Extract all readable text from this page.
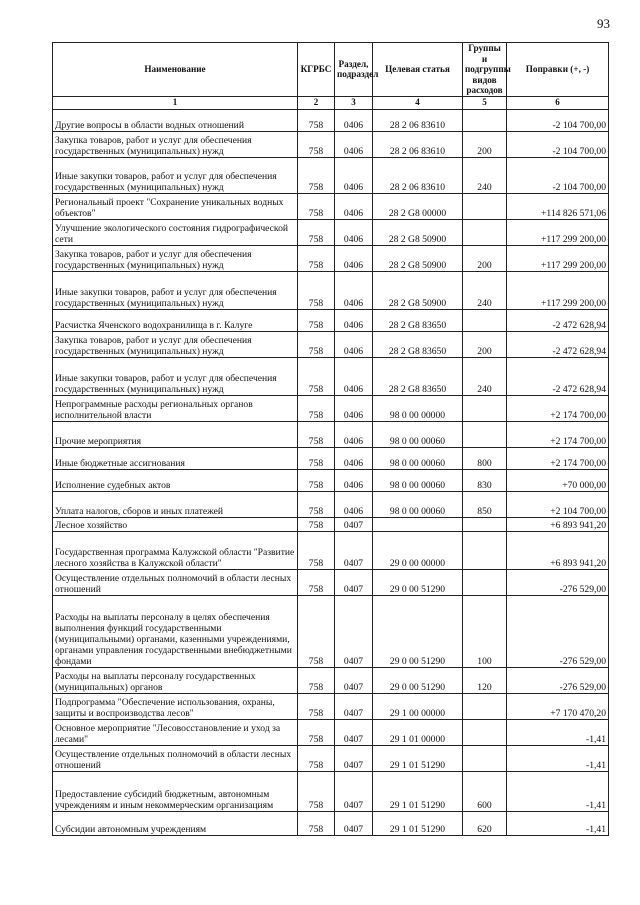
93
Наименование	КГРБС	Раздел, подраздел	Целевая статья	Группы и подгруппы видов расходов	Поправки (+, -)
1	2	3	4	5	6
Другие вопросы в области водных отношений	758	0406	28 2 06 83610		-2 104 700,00
Закупка товаров, работ и услуг для обеспечения государственных (муниципальных) нужд	758	0406	28 2 06 83610	200	-2 104 700,00
Иные закупки товаров, работ и услуг для обеспечения государственных (муниципальных) нужд	758	0406	28 2 06 83610	240	-2 104 700,00
Региональный проект "Сохранение уникальных водных объектов"	758	0406	28 2 G8 00000		+114 826 571,06
Улучшение экологического состояния гидрографической сети	758	0406	28 2 G8 50900		+117 299 200,00
Закупка товаров, работ и услуг для обеспечения государственных (муниципальных) нужд	758	0406	28 2 G8 50900	200	+117 299 200,00
Иные закупки товаров, работ и услуг для обеспечения государственных (муниципальных) нужд	758	0406	28 2 G8 50900	240	+117 299 200,00
Расчистка Яченского водохранилища в г. Калуге	758	0406	28 2 G8 83650		-2 472 628,94
Закупка товаров, работ и услуг для обеспечения государственных (муниципальных) нужд	758	0406	28 2 G8 83650	200	-2 472 628,94
Иные закупки товаров, работ и услуг для обеспечения государственных (муниципальных) нужд	758	0406	28 2 G8 83650	240	-2 472 628,94
Непрограммные расходы региональных органов исполнительной власти	758	0406	98 0 00 00000		+2 174 700,00
Прочие мероприятия	758	0406	98 0 00 00060		+2 174 700,00
Иные бюджетные ассигнования	758	0406	98 0 00 00060	800	+2 174 700,00
Исполнение судебных актов	758	0406	98 0 00 00060	830	+70 000,00
Уплата налогов, сборов и иных платежей	758	0406	98 0 00 00060	850	+2 104 700,00
Лесное хозяйство	758	0407			+6 893 941,20
Государственная программа Калужской области "Развитие лесного хозяйства в Калужской области"	758	0407	29 0 00 00000		+6 893 941,20
Осуществление отдельных полномочий в области лесных отношений	758	0407	29 0 00 51290		-276 529,00
Расходы на выплаты персоналу в целях обеспечения выполнения функций государственными (муниципальными) органами, казенными учреждениями, органами управления государственными внебюджетными фондами	758	0407	29 0 00 51290	100	-276 529,00
Расходы на выплаты персоналу государственных (муниципальных) органов	758	0407	29 0 00 51290	120	-276 529,00
Подпрограмма "Обеспечение использования, охраны, защиты и воспроизводства лесов"	758	0407	29 1 00 00000		+7 170 470,20
Основное мероприятие "Лесовосстановление и уход за лесами"	758	0407	29 1 01 00000		-1,41
Осуществление отдельных полномочий в области лесных отношений	758	0407	29 1 01 51290		-1,41
Предоставление субсидий бюджетным, автономным учреждениям и иным некоммерческим организациям	758	0407	29 1 01 51290	600	-1,41
Субсидии автономным учреждениям	758	0407	29 1 01 51290	620	-1,41
